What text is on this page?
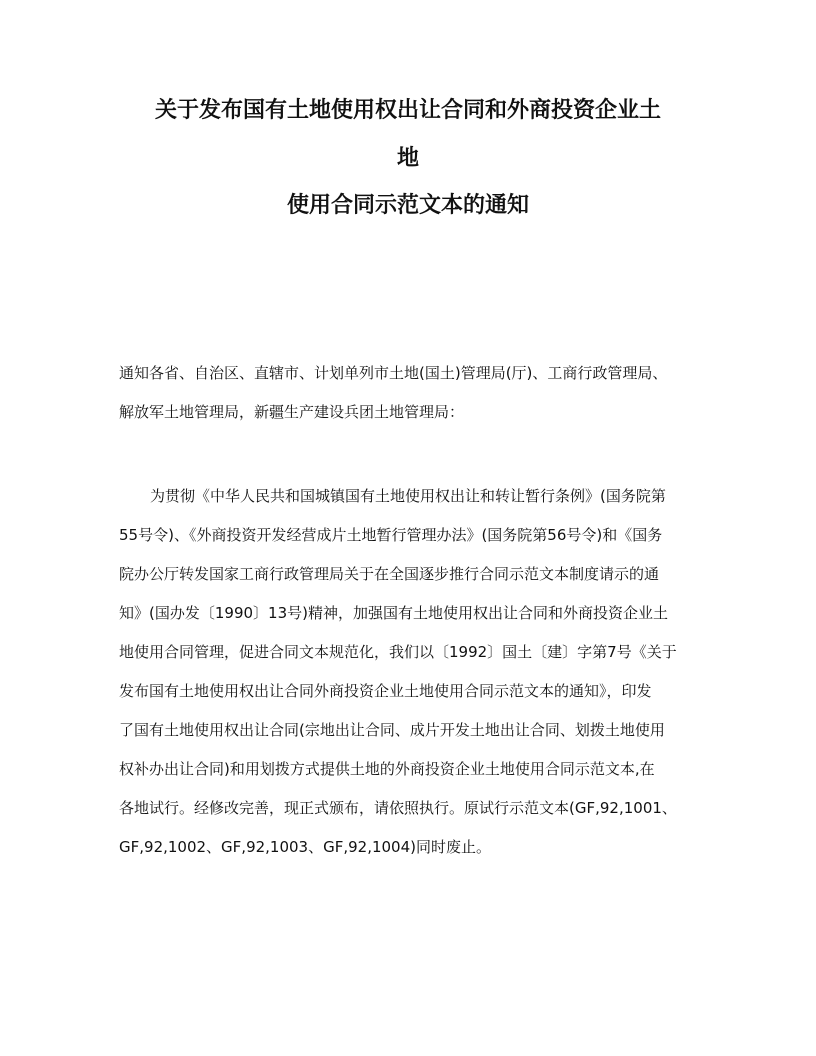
关于发布国有土地使用权出让合同和外商投资企业土
地
使用合同示范文本的通知
通知各省、自治区、直辖市、计划单列市土地(国土)管理局(厅)、工商行政管理局、
解放军土地管理局，新疆生产建设兵团土地管理局：
为贯彻《中华人民共和国城镇国有土地使用权出让和转让暂行条例》(国务院第
55号令)、《外商投资开发经营成片土地暂行管理办法》(国务院第56号令)和《国务
院办公厅转发国家工商行政管理局关于在全国逐步推行合同示范文本制度请示的通
知》(国办发〔1990〕13号)精神，加强国有土地使用权出让合同和外商投资企业土
地使用合同管理，促进合同文本规范化，我们以〔1992〕国土〔建〕字第7号《关于
发布国有土地使用权出让合同外商投资企业土地使用合同示范文本的通知》，印发
了国有土地使用权出让合同(宗地出让合同、成片开发土地出让合同、划拨土地使用
权补办出让合同)和用划拨方式提供土地的外商投资企业土地使用合同示范文本,在
各地试行。经修改完善，现正式颁布，请依照执行。原试行示范文本(GF,92,1001、
GF,92,1002、GF,92,1003、GF,92,1004)同时废止。
